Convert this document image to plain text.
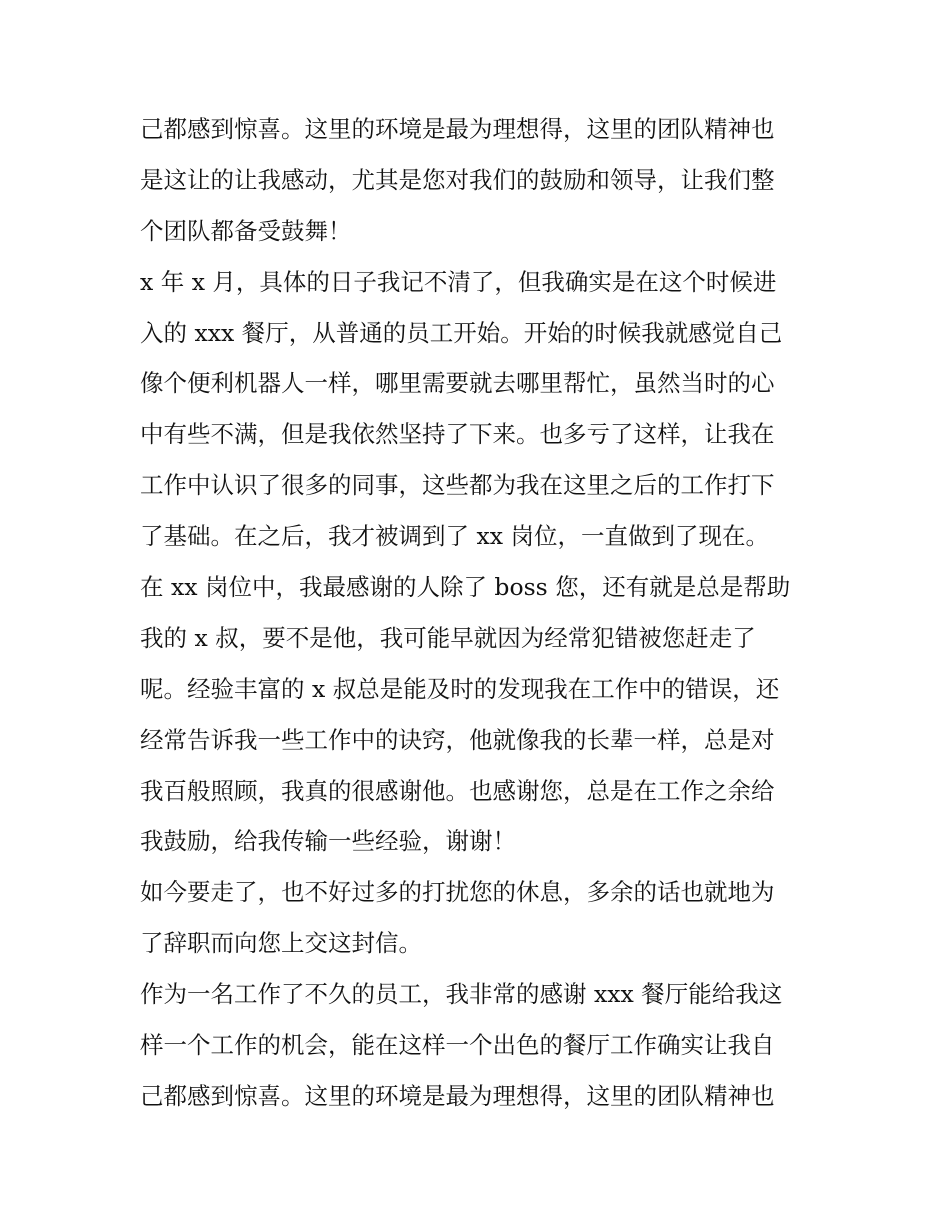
己都感到惊喜。这里的环境是最为理想得，这里的团队精神也
是这让的让我感动，尤其是您对我们的鼓励和领导，让我们整
个团队都备受鼓舞！
x 年 x 月，具体的日子我记不清了，但我确实是在这个时候进
入的 xxx 餐厅，从普通的员工开始。开始的时候我就感觉自己
像个便利机器人一样，哪里需要就去哪里帮忙，虽然当时的心
中有些不满，但是我依然坚持了下来。也多亏了这样，让我在
工作中认识了很多的同事，这些都为我在这里之后的工作打下
了基础。在之后，我才被调到了 xx 岗位，一直做到了现在。
在 xx 岗位中，我最感谢的人除了 boss 您，还有就是总是帮助
我的 x 叔，要不是他，我可能早就因为经常犯错被您赶走了
呢。经验丰富的 x 叔总是能及时的发现我在工作中的错误，还
经常告诉我一些工作中的诀窍，他就像我的长辈一样，总是对
我百般照顾，我真的很感谢他。也感谢您，总是在工作之余给
我鼓励，给我传输一些经验，谢谢！
如今要走了，也不好过多的打扰您的休息，多余的话也就地为
了辞职而向您上交这封信。
作为一名工作了不久的员工，我非常的感谢 xxx 餐厅能给我这
样一个工作的机会，能在这样一个出色的餐厅工作确实让我自
己都感到惊喜。这里的环境是最为理想得，这里的团队精神也
